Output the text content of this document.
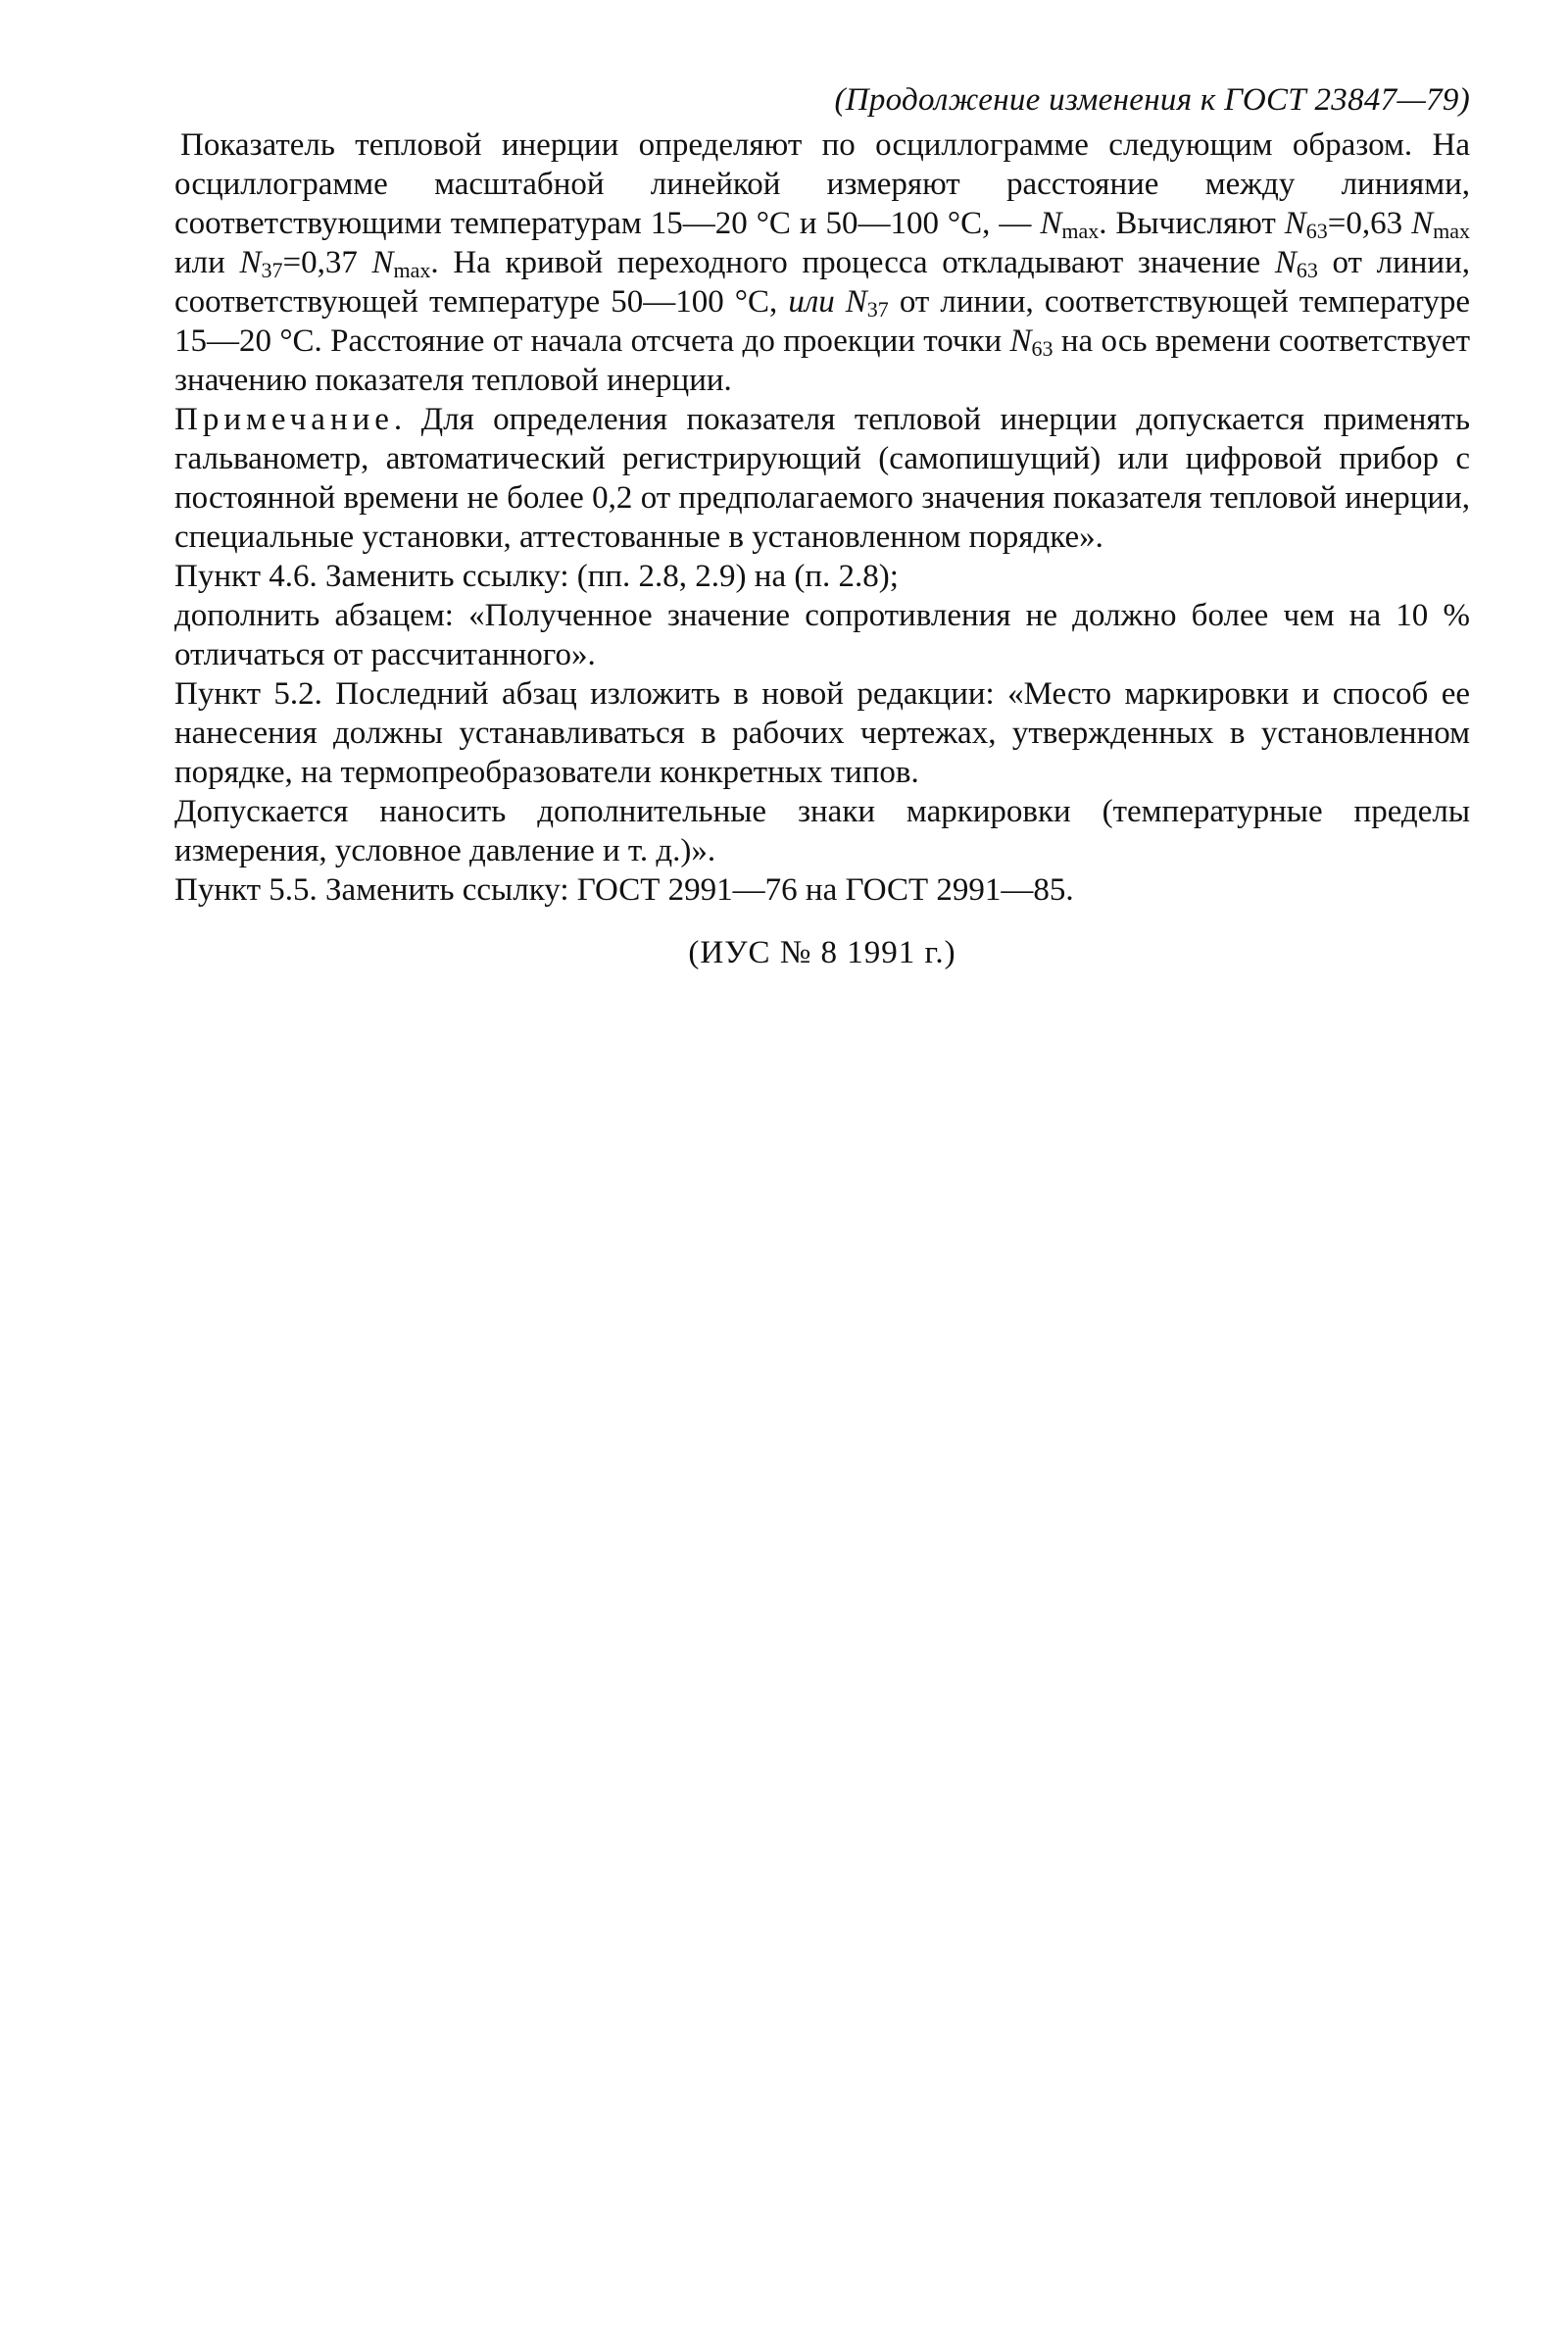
(Продолжение изменения к ГОСТ 23847—79)

Показатель тепловой инерции определяют по осциллограмме следующим образом. На осциллограмме масштабной линейкой измеряют расстояние между линиями, соответствующими температурам 15—20 °С и 50—100 °С, — $N_{max}$. Вычисляют $N_{63}=0,63$ $N_{max}$ или $N_{37}=0,37$ $N_{max}$. На кривой переходного процесса откладывают значение $N_{63}$ от линии, соответствующей температуре 50—100 °С, или $N_{37}$ от линии, соответствующей температуре 15—20 °С. Расстояние от начала отсчета до проекции точки $N_{63}$ на ось времени соответствует значению показателя тепловой инерции.

Примечание. Для определения показателя тепловой инерции допускается применять гальванометр, автоматический регистрирующий (самопишущий) или цифровой прибор с постоянной времени не более 0,2 от предполагаемого значения показателя тепловой инерции, специальные установки, аттестованные в установленном порядке».

Пункт 4.6. Заменить ссылку: (пп. 2.8, 2.9) на (п. 2.8);

дополнить абзацем: «Полученное значение сопротивления не должно более чем на 10 % отличаться от рассчитанного».

Пункт 5.2. Последний абзац изложить в новой редакции: «Место маркировки и способ ее нанесения должны устанавливаться в рабочих чертежах, утвержденных в установленном порядке, на термопреобразователи конкретных типов.

Допускается наносить дополнительные знаки маркировки (температурные пределы измерения, условное давление и т. д.)».

Пункт 5.5. Заменить ссылку: ГОСТ 2991—76 на ГОСТ 2991—85.

(ИУС № 8 1991 г.)
